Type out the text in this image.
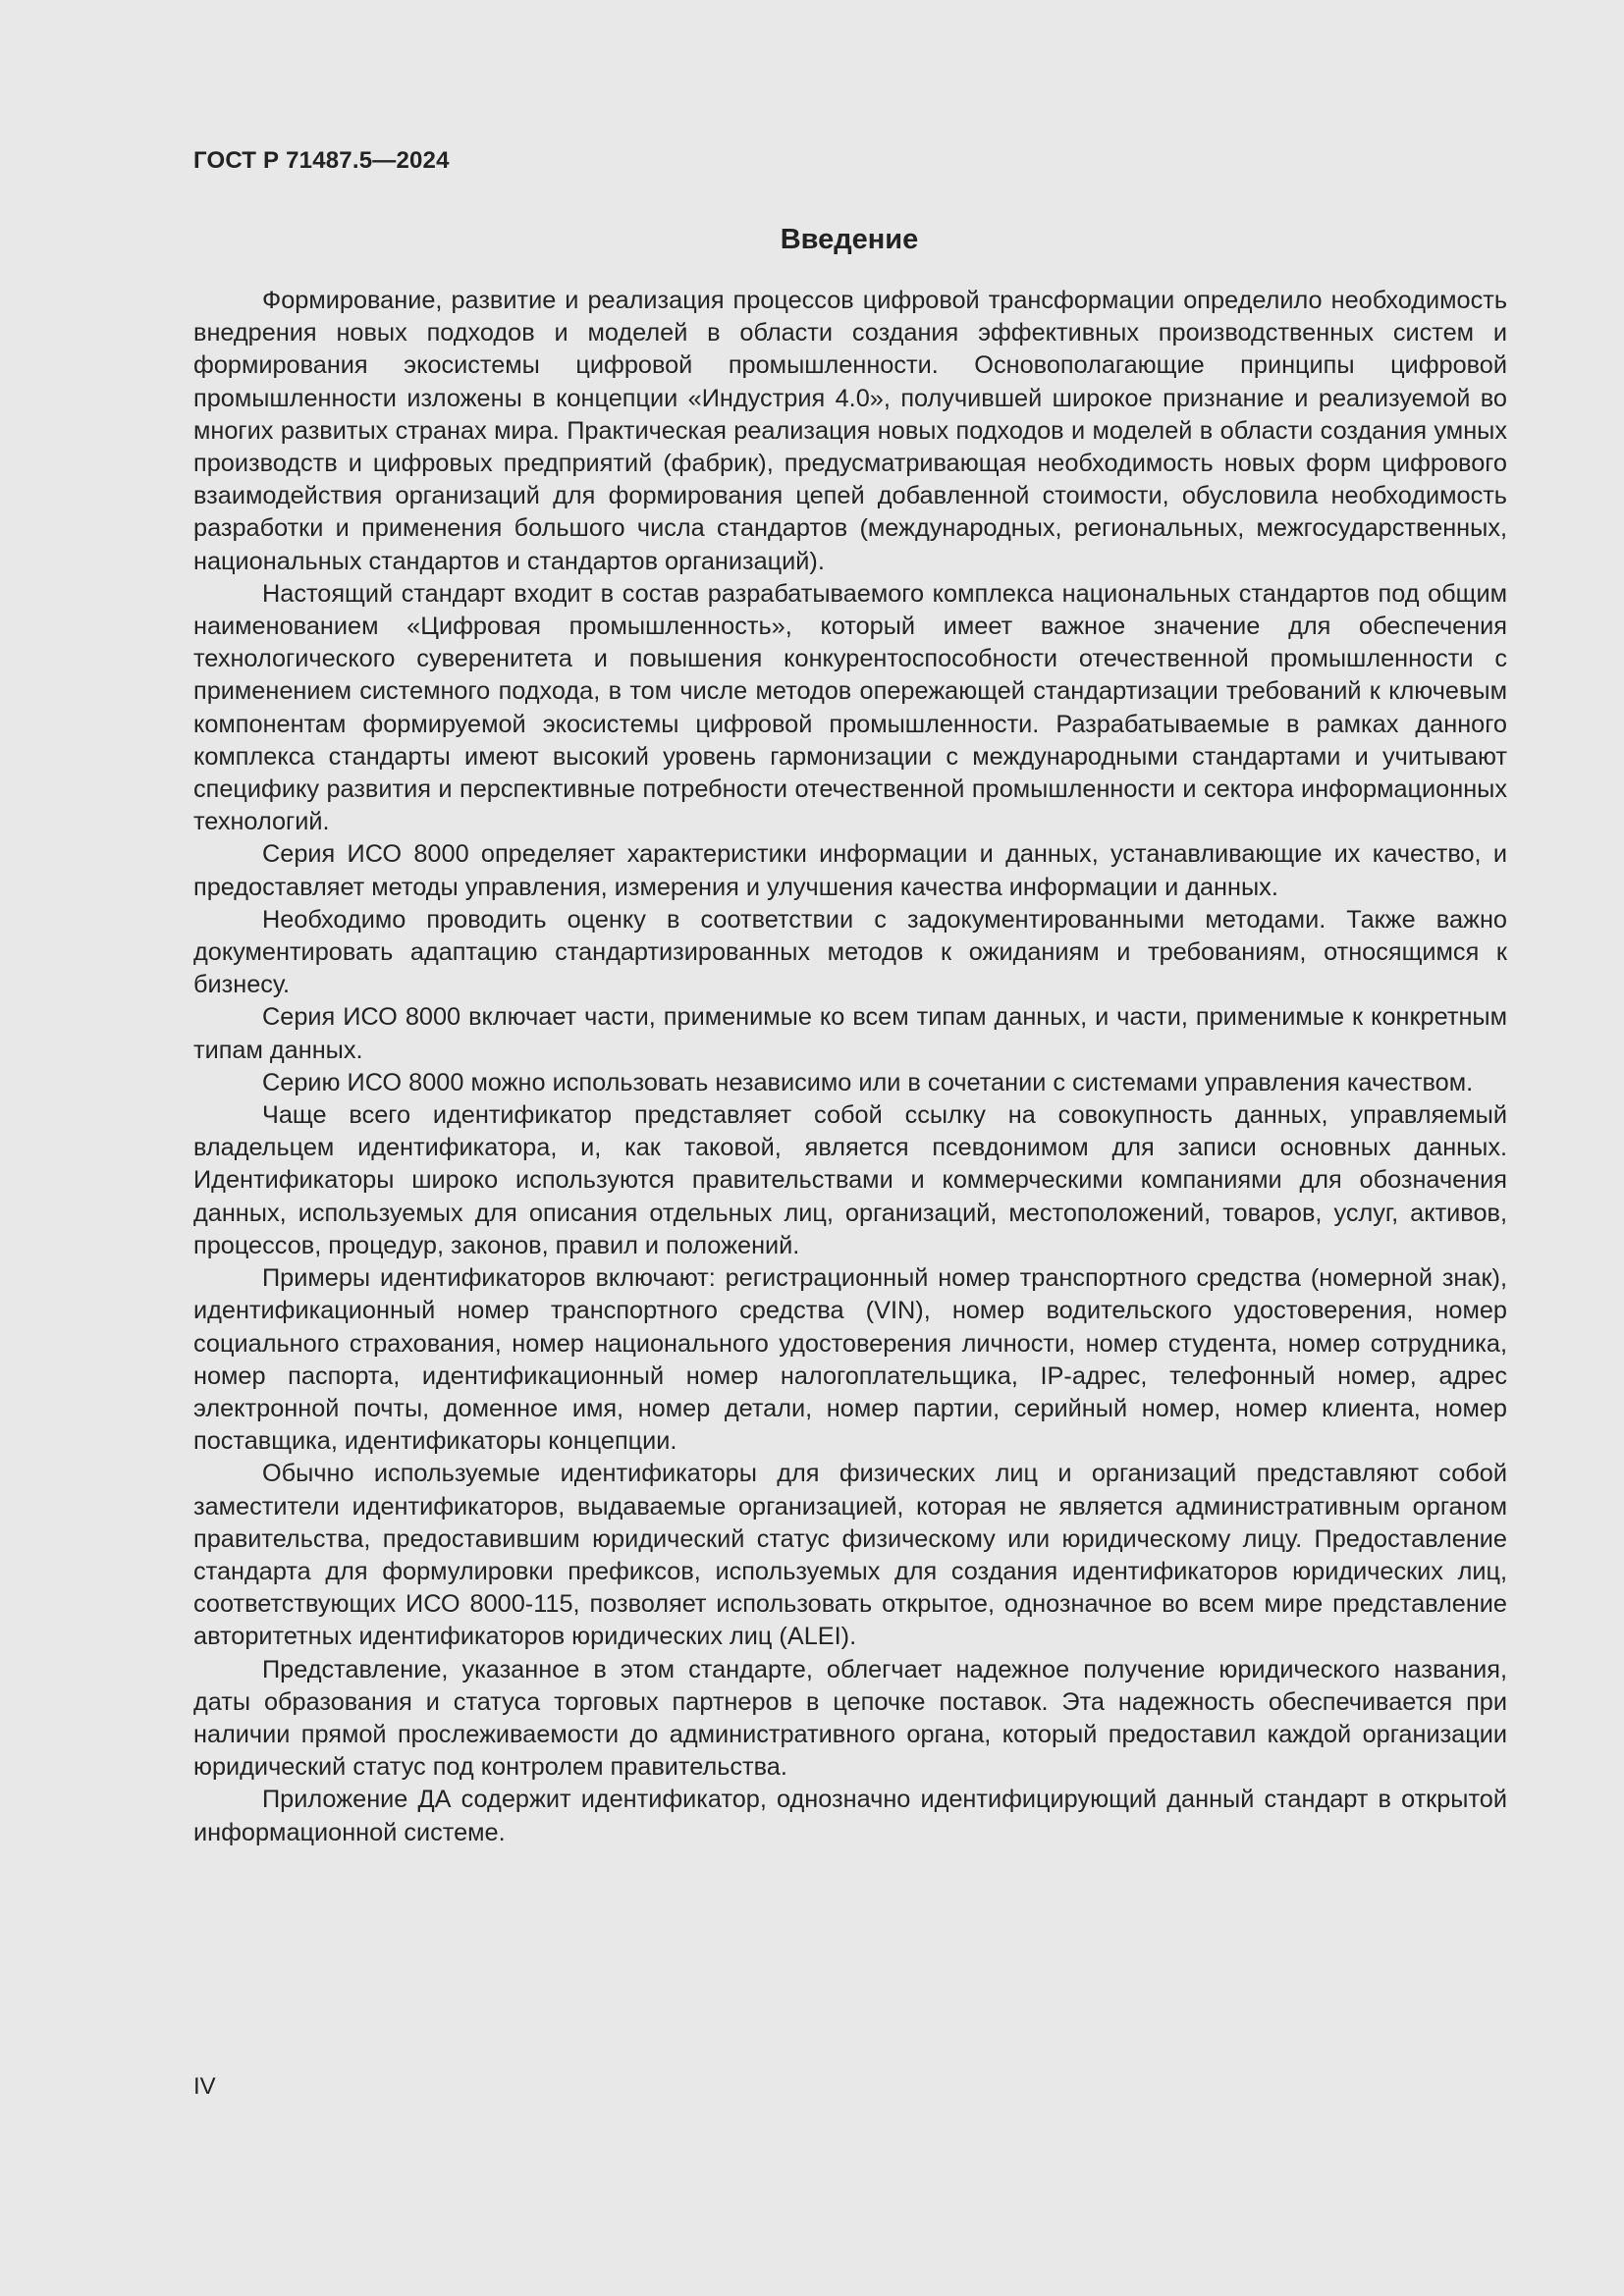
ГОСТ Р 71487.5—2024
Введение

Формирование, развитие и реализация процессов цифровой трансформации определило необходимость внедрения новых подходов и моделей в области создания эффективных производственных систем и формирования экосистемы цифровой промышленности. Основополагающие принципы цифровой промышленности изложены в концепции «Индустрия 4.0», получившей широкое признание и реализуемой во многих развитых странах мира. Практическая реализация новых подходов и моделей в области создания умных производств и цифровых предприятий (фабрик), предусматривающая необходимость новых форм цифрового взаимодействия организаций для формирования цепей добавленной стоимости, обусловила необходимость разработки и применения большого числа стандартов (международных, региональных, межгосударственных, национальных стандартов и стандартов организаций).

Настоящий стандарт входит в состав разрабатываемого комплекса национальных стандартов под общим наименованием «Цифровая промышленность», который имеет важное значение для обеспечения технологического суверенитета и повышения конкурентоспособности отечественной промышленности с применением системного подхода, в том числе методов опережающей стандартизации требований к ключевым компонентам формируемой экосистемы цифровой промышленности. Разрабатываемые в рамках данного комплекса стандарты имеют высокий уровень гармонизации с международными стандартами и учитывают специфику развития и перспективные потребности отечественной промышленности и сектора информационных технологий.

Серия ИСО 8000 определяет характеристики информации и данных, устанавливающие их качество, и предоставляет методы управления, измерения и улучшения качества информации и данных.

Необходимо проводить оценку в соответствии с задокументированными методами. Также важно документировать адаптацию стандартизированных методов к ожиданиям и требованиям, относящимся к бизнесу.

Серия ИСО 8000 включает части, применимые ко всем типам данных, и части, применимые к конкретным типам данных.

Серию ИСО 8000 можно использовать независимо или в сочетании с системами управления качеством.

Чаще всего идентификатор представляет собой ссылку на совокупность данных, управляемый владельцем идентификатора, и, как таковой, является псевдонимом для записи основных данных. Идентификаторы широко используются правительствами и коммерческими компаниями для обозначения данных, используемых для описания отдельных лиц, организаций, местоположений, товаров, услуг, активов, процессов, процедур, законов, правил и положений.

Примеры идентификаторов включают: регистрационный номер транспортного средства (номерной знак), идентификационный номер транспортного средства (VIN), номер водительского удостоверения, номер социального страхования, номер национального удостоверения личности, номер студента, номер сотрудника, номер паспорта, идентификационный номер налогоплательщика, IP-адрес, телефонный номер, адрес электронной почты, доменное имя, номер детали, номер партии, серийный номер, номер клиента, номер поставщика, идентификаторы концепции.

Обычно используемые идентификаторы для физических лиц и организаций представляют собой заместители идентификаторов, выдаваемые организацией, которая не является административным органом правительства, предоставившим юридический статус физическому или юридическому лицу. Предоставление стандарта для формулировки префиксов, используемых для создания идентификаторов юридических лиц, соответствующих ИСО 8000-115, позволяет использовать открытое, однозначное во всем мире представление авторитетных идентификаторов юридических лиц (ALEI).

Представление, указанное в этом стандарте, облегчает надежное получение юридического названия, даты образования и статуса торговых партнеров в цепочке поставок. Эта надежность обеспечивается при наличии прямой прослеживаемости до административного органа, который предоставил каждой организации юридический статус под контролем правительства.

Приложение ДА содержит идентификатор, однозначно идентифицирующий данный стандарт в открытой информационной системе.

IV
